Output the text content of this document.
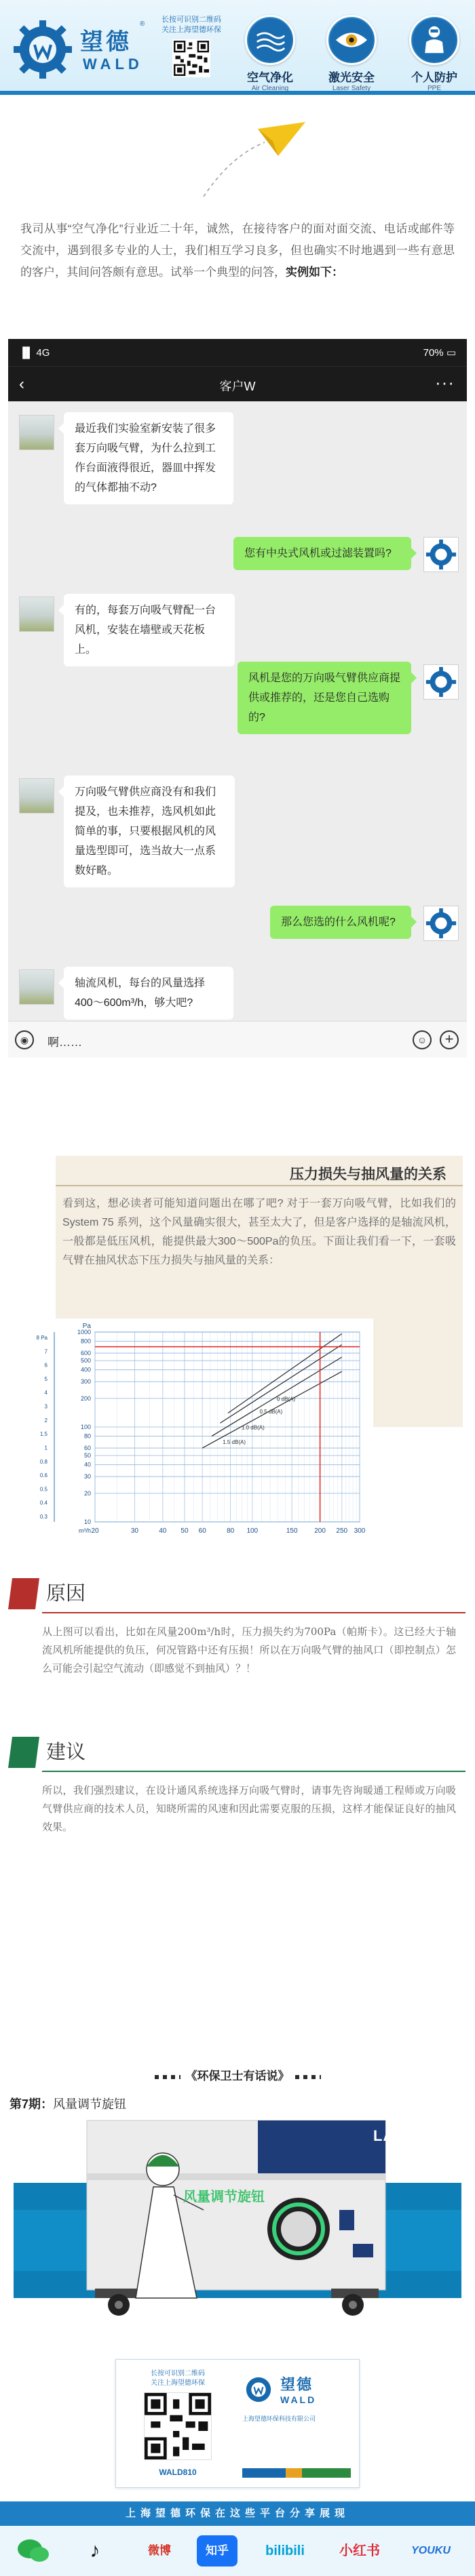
望德
®
WALD
长按可识别二维码
关注上海望德环保
空气净化
Air Cleaning
激光安全
Laser Safety
个人防护
PPE
我司从事“空气净化”行业近二十年，诚然，在接待客户的面对面交流、电话或邮件等交流中，遇到很多专业的人士，我们相互学习良多，但也确实不时地遇到一些有意思的客户，其间问答颇有意思。试举一个典型的问答，实例如下：
▐▌ 4G	70% ▭
‹	客户W	···
最近我们实验室新安装了很多套万向吸气臂，为什么拉到工作台面液得很近，器皿中挥发的气体都抽不动?
您有中央式风机或过滤装置吗?
有的，每套万向吸气臂配一台风机，安装在墙壁或天花板上。
风机是您的万向吸气臂供应商提供或推荐的，还是您自己选购的?
万向吸气臂供应商没有和我们提及，也未推荐，选风机如此简单的事，只要根据风机的风量选型即可，选当故大一点系数好略。
那么您选的什么风机呢?
轴流风机，每台的风量选择400～600m³/h，够大吧?
◉	啊……	☺	+
压力损失与抽风量的关系
看到这，想必读者可能知道问题出在哪了吧? 对于一套万向吸气臂，比如我们的 System 75 系列，这个风量确实很大，甚至太大了，但是客户选择的是轴流风机，一般都是低压风机，能提供最大300～500Pa的负压。下面让我们看一下，一套吸气臂在抽风状态下压力损失与抽风量的关系：
20	30	40 50 60	80 100	150 200 250 300
1000
800
600
500
400
300
200
100
80
60
50
40
30
20
10
8 Pa
7
6
5
4
3
2
1.5
1
0.8
0.6
0.5
0.4
0.3
Pa
m³/h
1.5 dB(A)
1.0 dB(A)
0.5 dB(A)
0 dB(A)
原因
从上图可以看出，比如在风量200m³/h时，压力损失约为700Pa（帕斯卡）。这已经大于轴流风机所能提供的负压，何况管路中还有压损！所以在万向吸气臂的抽风口（即控制点）怎么可能会引起空气流动（即感觉不到抽风）？！
建议
所以，我们强烈建议，在设计通风系统选择万向吸气臂时，请事先咨询暖通工程师或万向吸气臂供应商的技术人员，知晓所需的风速和因此需要克服的压损，这样才能保证良好的抽风效果。
《环保卫士有话说》
第7期：风量调节旋钮
LAS 260
风量调节旋钮
长按可识别二维码
关注上海望德环保
WALD810
望德
WALD
上海望德环保科技有限公司
上海望德环保在这些平台分享展现
♪	微博	知乎	bilibili	小红书	YOUKU
